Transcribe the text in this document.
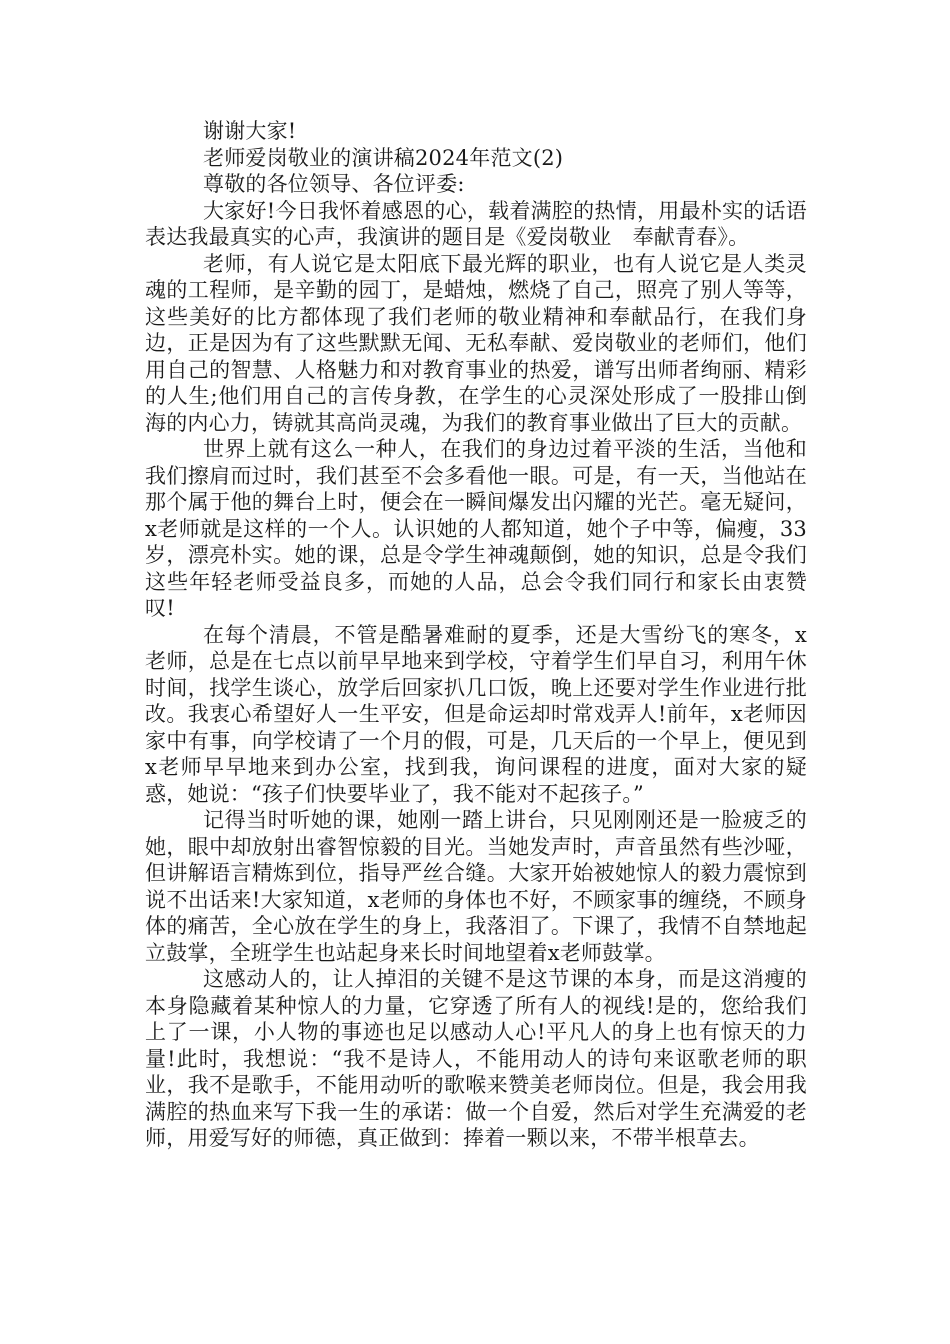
谢谢大家!

老师爱岗敬业的演讲稿2024年范文(2)

尊敬的各位领导、各位评委:

大家好!今日我怀着感恩的心，载着满腔的热情，用最朴实的话语表达我最真实的心声，我演讲的题目是《爱岗敬业　奉献青春》。

老师，有人说它是太阳底下最光辉的职业，也有人说它是人类灵魂的工程师，是辛勤的园丁，是蜡烛，燃烧了自己，照亮了别人等等，这些美好的比方都体现了我们老师的敬业精神和奉献品行，在我们身边，正是因为有了这些默默无闻、无私奉献、爱岗敬业的老师们，他们用自己的智慧、人格魅力和对教育事业的热爱，谱写出师者绚丽、精彩的人生;他们用自己的言传身教，在学生的心灵深处形成了一股排山倒海的内心力，铸就其高尚灵魂，为我们的教育事业做出了巨大的贡献。

世界上就有这么一种人，在我们的身边过着平淡的生活，当他和我们擦肩而过时，我们甚至不会多看他一眼。可是，有一天，当他站在那个属于他的舞台上时，便会在一瞬间爆发出闪耀的光芒。毫无疑问，x老师就是这样的一个人。认识她的人都知道，她个子中等，偏瘦，33岁，漂亮朴实。她的课，总是令学生神魂颠倒，她的知识，总是令我们这些年轻老师受益良多，而她的人品，总会令我们同行和家长由衷赞叹!

在每个清晨，不管是酷暑难耐的夏季，还是大雪纷飞的寒冬，x老师，总是在七点以前早早地来到学校，守着学生们早自习，利用午休时间，找学生谈心，放学后回家扒几口饭，晚上还要对学生作业进行批改。我衷心希望好人一生平安，但是命运却时常戏弄人!前年，x老师因家中有事，向学校请了一个月的假，可是，几天后的一个早上，便见到x老师早早地来到办公室，找到我，询问课程的进度，面对大家的疑惑，她说：“孩子们快要毕业了，我不能对不起孩子。”

记得当时听她的课，她刚一踏上讲台，只见刚刚还是一脸疲乏的她，眼中却放射出睿智惊毅的目光。当她发声时，声音虽然有些沙哑，但讲解语言精炼到位，指导严丝合缝。大家开始被她惊人的毅力震惊到说不出话来!大家知道，x老师的身体也不好，不顾家事的缠绕，不顾身体的痛苦，全心放在学生的身上，我落泪了。下课了，我情不自禁地起立鼓掌，全班学生也站起身来长时间地望着x老师鼓掌。

这感动人的，让人掉泪的关键不是这节课的本身，而是这消瘦的本身隐藏着某种惊人的力量，它穿透了所有人的视线!是的，您给我们上了一课，小人物的事迹也足以感动人心!平凡人的身上也有惊天的力量!此时，我想说：“我不是诗人，不能用动人的诗句来讴歌老师的职业，我不是歌手，不能用动听的歌喉来赞美老师岗位。但是，我会用我满腔的热血来写下我一生的承诺：做一个自爱，然后对学生充满爱的老师，用爱写好的师德，真正做到：捧着一颗以来，不带半根草去。
